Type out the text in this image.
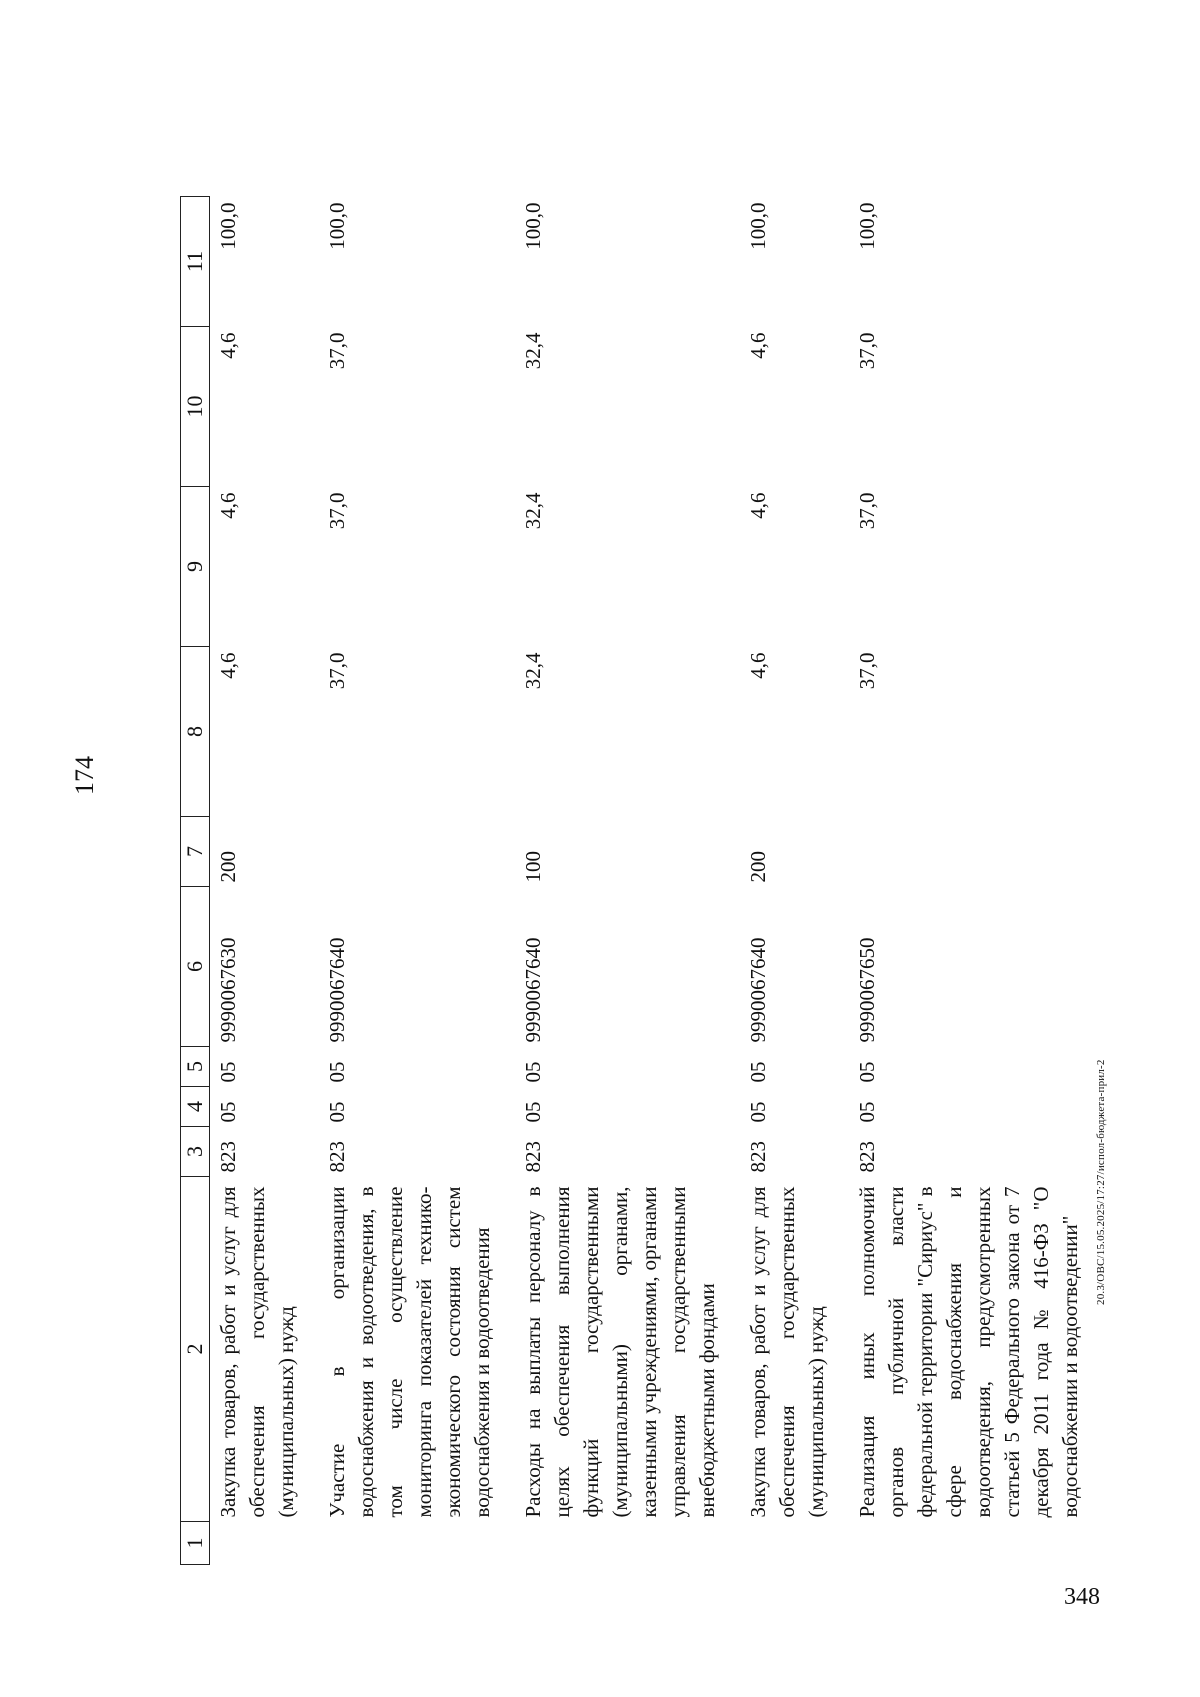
174
1	2	3	4	5	6	7	8	9	10	11
	Закупка товаров, работ и услуг для обеспечения государственных (муниципальных) нужд	823	05	05	9990067630	200	4,6	4,6	4,6	100,0
	Участие в организации водоснабжения и водоотведения, в том числе осуществление мониторинга показателей технико-экономического состояния систем водоснабжения и водоотведения	823	05	05	9990067640		37,0	37,0	37,0	100,0
	Расходы на выплаты персоналу в целях обеспечения выполнения функций государственными (муниципальными) органами, казенными учреждениями, органами управления государственными внебюджетными фондами	823	05	05	9990067640	100	32,4	32,4	32,4	100,0
	Закупка товаров, работ и услуг для обеспечения государственных (муниципальных) нужд	823	05	05	9990067640	200	4,6	4,6	4,6	100,0
	Реализация иных полномочий органов публичной власти федеральной территории "Сириус" в сфере водоснабжения и водоотведения, предусмотренных статьей 5 Федерального закона от 7 декабря 2011 года № 416-ФЗ "О водоснабжении и водоотведении"	823	05	05	9990067650		37,0	37,0	37,0	100,0
20.3/ОВС/15.05.2025/17:27/испол-бюджета-прил-2
348
